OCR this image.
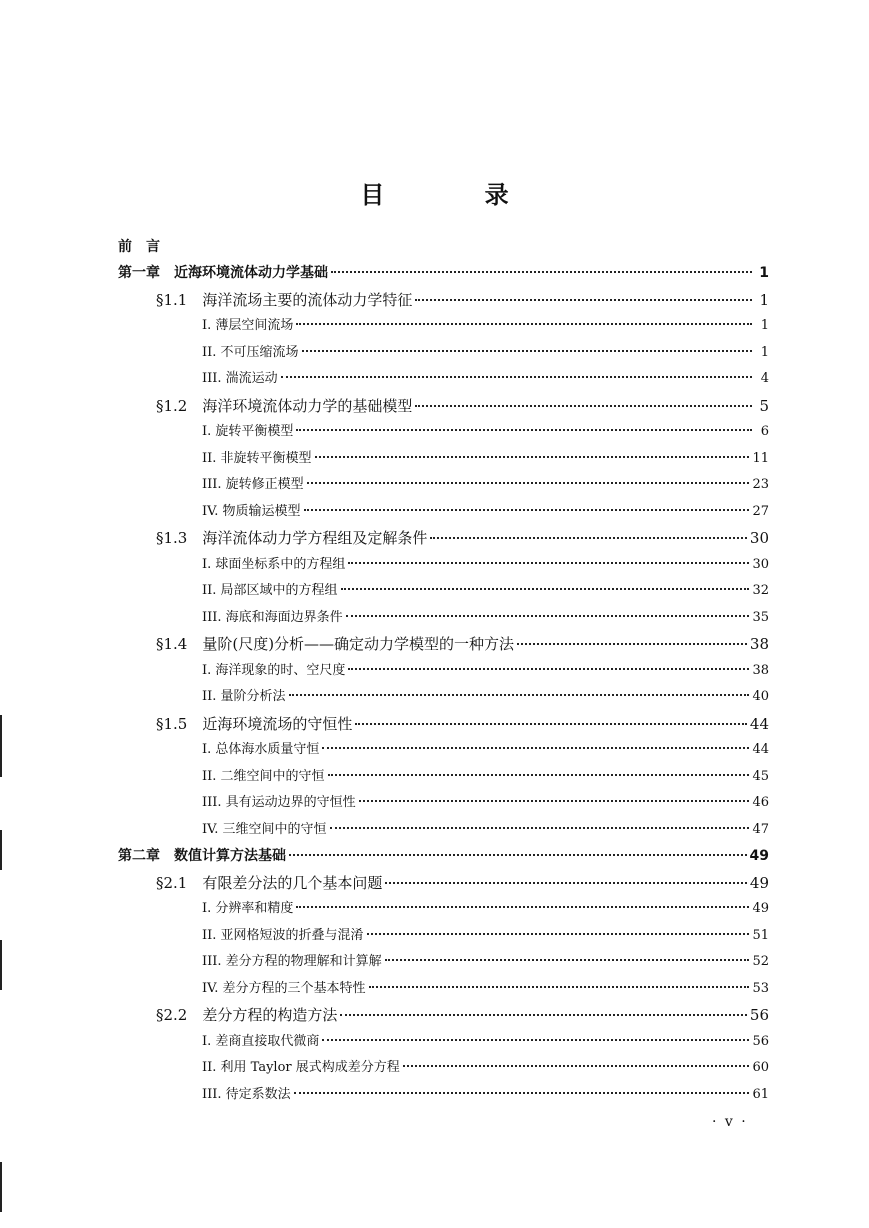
目 录
前　言
第一章　近海环境流体动力学基础	1
§1.1　海洋流场主要的流体动力学特征	1
I. 薄层空间流场	1
II. 不可压缩流场	1
III. 湍流运动	4
§1.2　海洋环境流体动力学的基础模型	5
I. 旋转平衡模型	6
II. 非旋转平衡模型	11
III. 旋转修正模型	23
IV. 物质输运模型	27
§1.3　海洋流体动力学方程组及定解条件	30
I. 球面坐标系中的方程组	30
II. 局部区域中的方程组	32
III. 海底和海面边界条件	35
§1.4　量阶(尺度)分析——确定动力学模型的一种方法	38
I. 海洋现象的时、空尺度	38
II. 量阶分析法	40
§1.5　近海环境流场的守恒性	44
I. 总体海水质量守恒	44
II. 二维空间中的守恒	45
III. 具有运动边界的守恒性	46
IV. 三维空间中的守恒	47
第二章　数值计算方法基础	49
§2.1　有限差分法的几个基本问题	49
I. 分辨率和精度	49
II. 亚网格短波的折叠与混淆	51
III. 差分方程的物理解和计算解	52
IV. 差分方程的三个基本特性	53
§2.2　差分方程的构造方法	56
I. 差商直接取代微商	56
II. 利用 Taylor 展式构成差分方程	60
III. 待定系数法	61
· v ·
